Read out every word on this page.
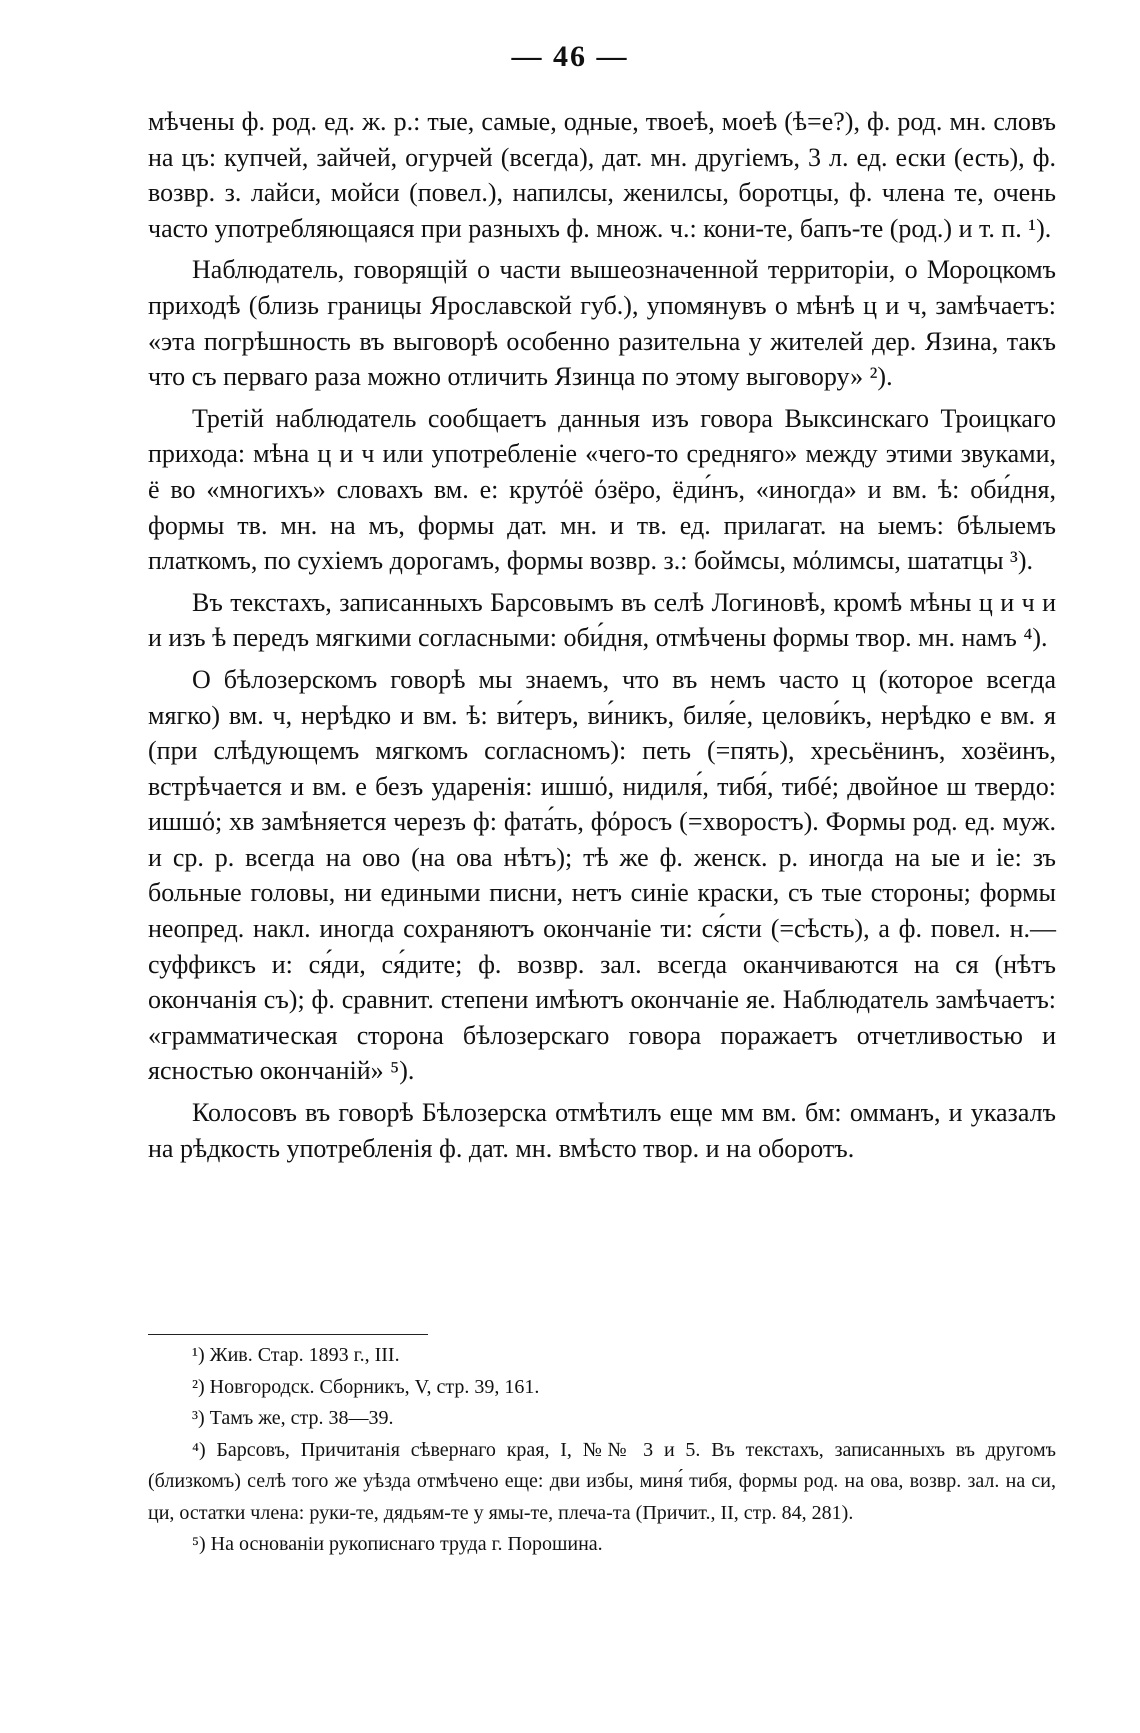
— 46 —

мѣчены ф. род. ед. ж. р.: тые, самые, одные, твоеѣ, моеѣ (ѣ=е?), ф. род. мн. словъ на цъ: купчей, зайчей, огурчей (всегда), дат. мн. другіемъ, 3 л. ед. ески (есть), ф. возвр. з. лайси, мойси (повел.), напилсы, женилсы, боротцы, ф. члена те, очень часто употребляющаяся при разныхъ ф. множ. ч.: кони-те, бапъ-те (род.) и т. п. ¹).

Наблюдатель, говорящій о части вышеозначенной территоріи, о Мороцкомъ приходѣ (близь границы Ярославской губ.), упомянувъ о мѣнѣ ц и ч, замѣчаетъ: «эта погрѣшность въ выговорѣ особенно разительна у жителей дер. Язина, такъ что съ перваго раза можно отличить Язинца по этому выговору» ²).

Третій наблюдатель сообщаетъ данныя изъ говора Выксинскаго Троицкаго прихода: мѣна ц и ч или употребленіе «чего-то средняго» между этими звуками, ё во «многихъ» словахъ вм. е: крутόё όзёро, ёди́нъ, «иногда» и вм. ѣ: оби́дня, формы тв. мн. на мъ, формы дат. мн. и тв. ед. прилагат. на ыемъ: бѣлыемъ платкомъ, по сухіемъ дорогамъ, формы возвр. з.: боймсы, мόлимсы, шататцы ³).

Въ текстахъ, записанныхъ Барсовымъ въ селѣ Логиновѣ, кромѣ мѣны ц и ч и и изъ ѣ передъ мягкими согласными: оби́дня, отмѣчены формы твор. мн. намъ ⁴).

О бѣлозерскомъ говорѣ мы знаемъ, что въ немъ часто ц (которое всегда мягко) вм. ч, нерѣдко и вм. ѣ: ви́теръ, ви́никъ, биля́е, целови́къ, нерѣдко е вм. я (при слѣдующемъ мягкомъ согласномъ): петь (=пять), хресьёнинъ, хозёинъ, встрѣчается и вм. е безъ ударенія: ишшό, нидиля́, тибя́, тибé; двойное ш твердо: ишшό; хв замѣняется черезъ ф: фата́ть, фόросъ (=хворостъ). Формы род. ед. муж. и ср. р. всегда на ово (на ова нѣтъ); тѣ же ф. женск. р. иногда на ые и іе: зъ больные головы, ни едиными писни, нетъ синіе краски, съ тые стороны; формы неопред. накл. иногда сохраняютъ окончаніе ти: ся́сти (=сѣсть), а ф. повел. н.— суффиксъ и: ся́ди, ся́дите; ф. возвр. зал. всегда оканчиваются на ся (нѣтъ окончанія съ); ф. сравнит. степени имѣютъ окончаніе яе. Наблюдатель замѣчаетъ: «грамматическая сторона бѣлозерскаго говора поражаетъ отчетливостью и ясностью окончаній» ⁵).

Колосовъ въ говорѣ Бѣлозерска отмѣтилъ еще мм вм. бм: омманъ, и указалъ на рѣдкость употребленія ф. дат. мн. вмѣсто твор. и на оборотъ.

¹) Жив. Стар. 1893 г., III.

²) Новгородск. Сборникъ, V, стр. 39, 161.

³) Тамъ же, стр. 38—39.

⁴) Барсовъ, Причитанія сѣвернаго края, I, №№ 3 и 5. Въ текстахъ, записанныхъ въ другомъ (близкомъ) селѣ того же уѣзда отмѣчено еще: дви избы, миня́ тибя, формы род. на ова, возвр. зал. на си, ци, остатки члена: руки-те, дядьям-те у ямы-те, плеча-та (Причит., II, стр. 84, 281).

⁵) На основаніи рукописнаго труда г. Порошина.
